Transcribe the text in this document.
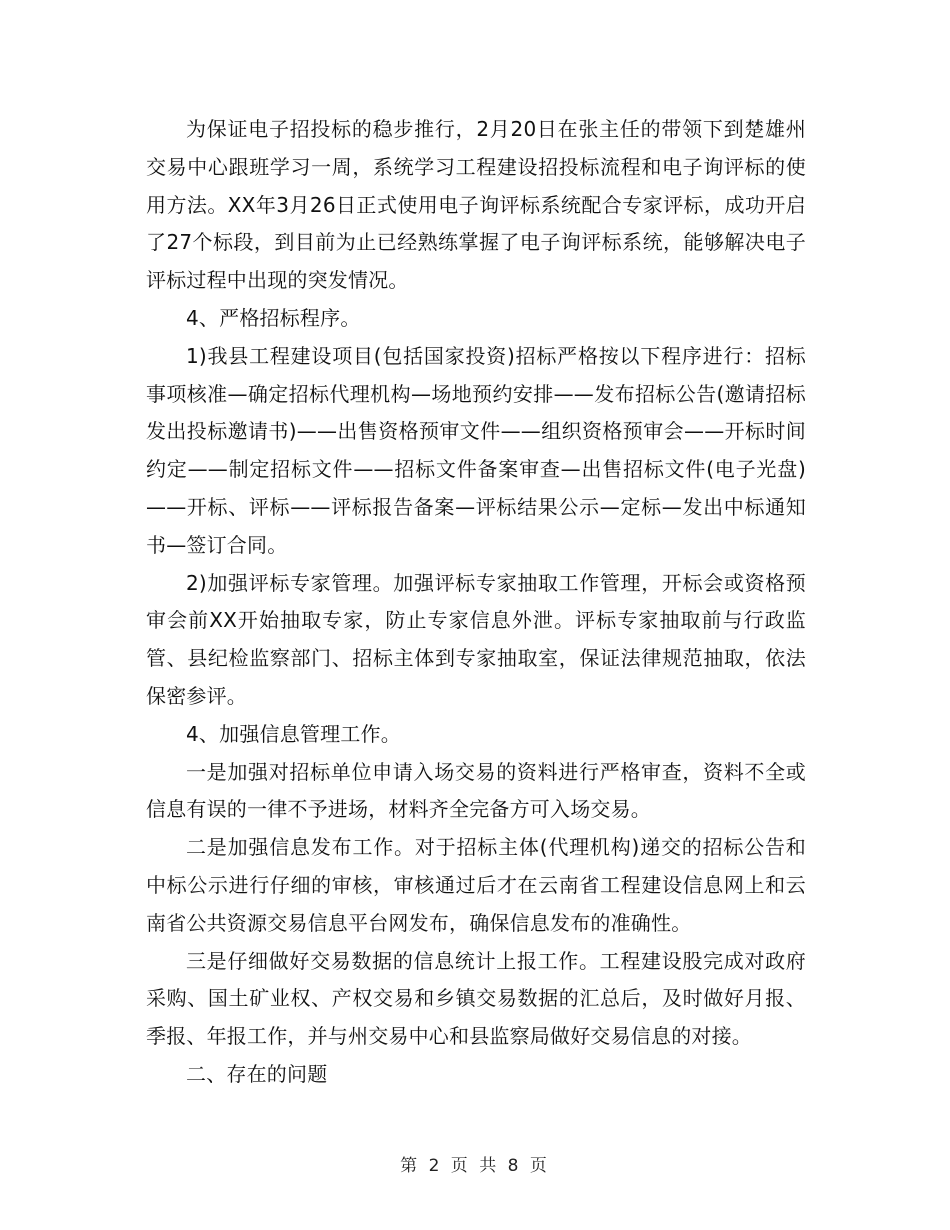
为保证电子招投标的稳步推行，2月20日在张主任的带领下到楚雄州交易中心跟班学习一周，系统学习工程建设招投标流程和电子询评标的使用方法。XX年3月26日正式使用电子询评标系统配合专家评标，成功开启了27个标段，到目前为止已经熟练掌握了电子询评标系统，能够解决电子评标过程中出现的突发情况。

4、严格招标程序。

1)我县工程建设项目(包括国家投资)招标严格按以下程序进行：招标事项核准—确定招标代理机构—场地预约安排——发布招标公告(邀请招标发出投标邀请书)——出售资格预审文件——组织资格预审会——开标时间约定——制定招标文件——招标文件备案审查—出售招标文件(电子光盘)——开标、评标——评标报告备案—评标结果公示—定标—发出中标通知书—签订合同。

2)加强评标专家管理。加强评标专家抽取工作管理，开标会或资格预审会前XX开始抽取专家，防止专家信息外泄。评标专家抽取前与行政监管、县纪检监察部门、招标主体到专家抽取室，保证法律规范抽取，依法保密参评。

4、加强信息管理工作。

一是加强对招标单位申请入场交易的资料进行严格审查，资料不全或信息有误的一律不予进场，材料齐全完备方可入场交易。

二是加强信息发布工作。对于招标主体(代理机构)递交的招标公告和中标公示进行仔细的审核，审核通过后才在云南省工程建设信息网上和云南省公共资源交易信息平台网发布，确保信息发布的准确性。

三是仔细做好交易数据的信息统计上报工作。工程建设股完成对政府采购、国土矿业权、产权交易和乡镇交易数据的汇总后，及时做好月报、季报、年报工作，并与州交易中心和县监察局做好交易信息的对接。

二、存在的问题

第 2 页 共 8 页
